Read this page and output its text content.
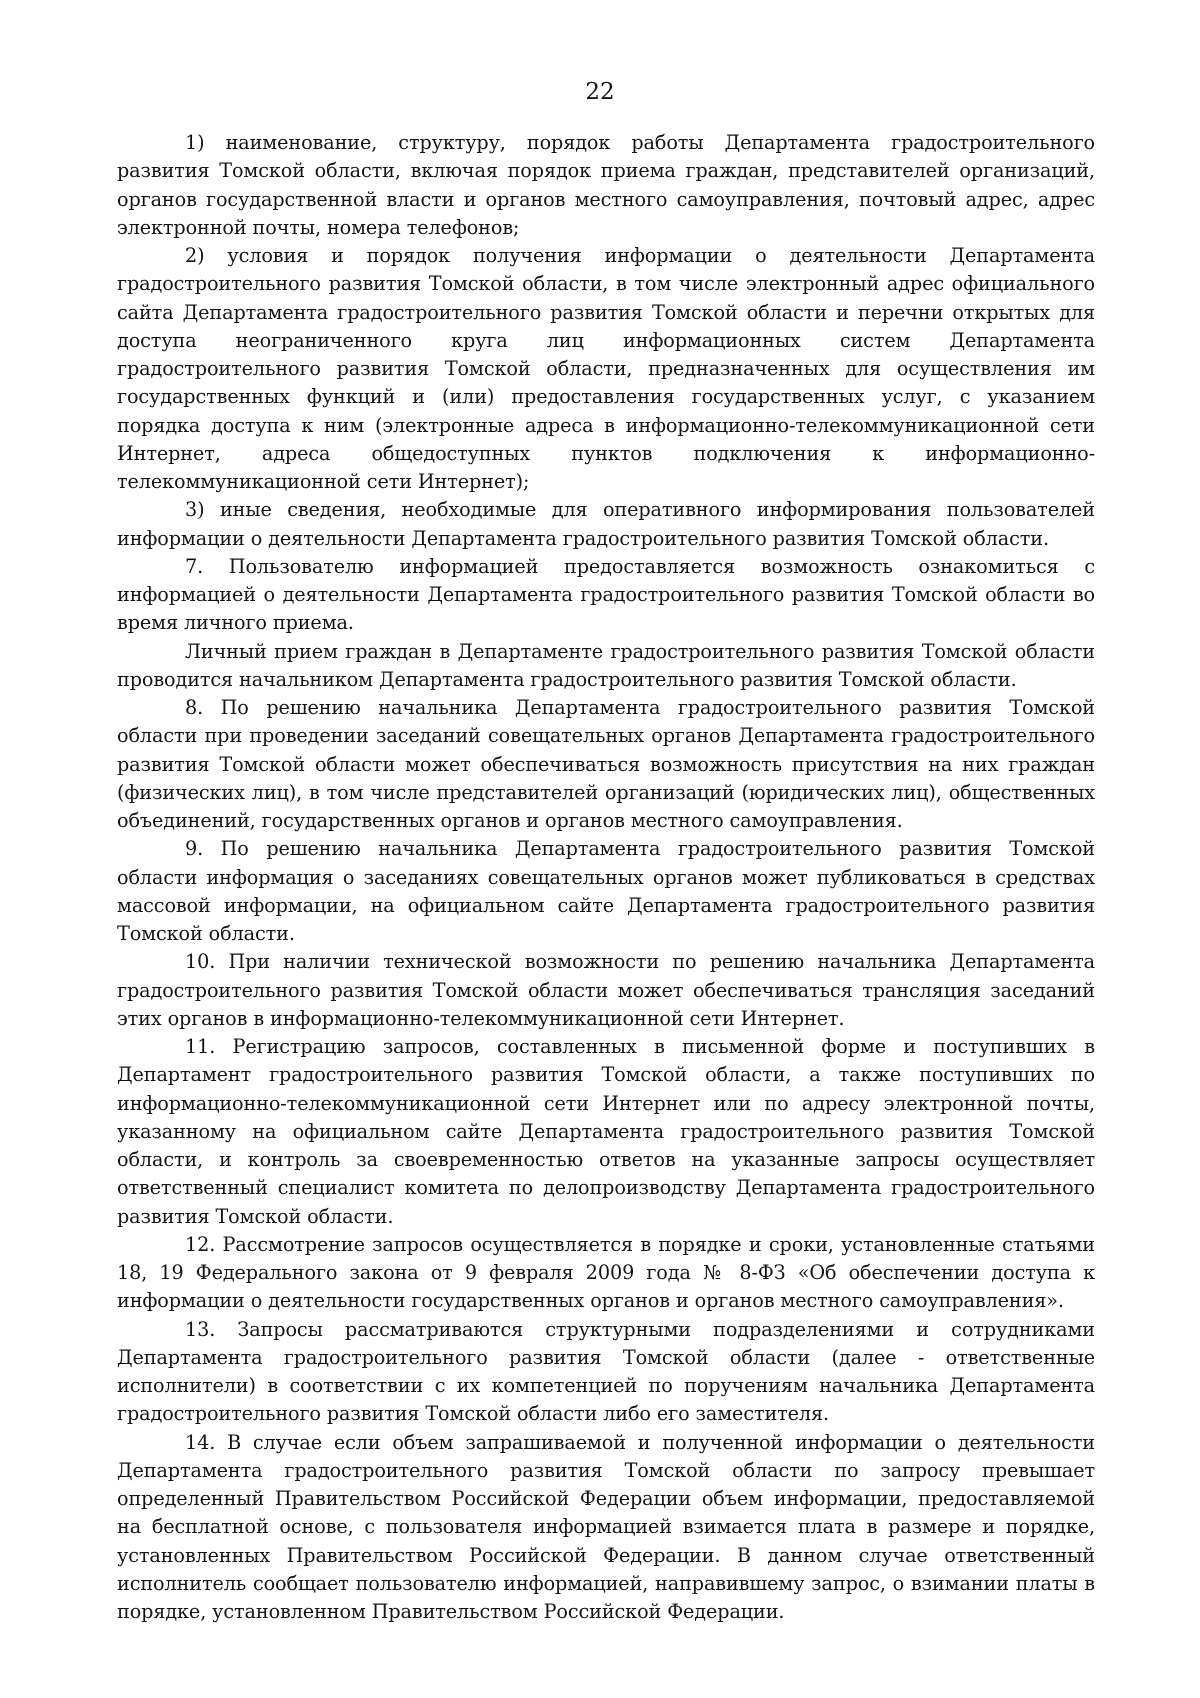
22

1) наименование, структуру, порядок работы Департамента градостроительного развития Томской области, включая порядок приема граждан, представителей организаций, органов государственной власти и органов местного самоуправления, почтовый адрес, адрес электронной почты, номера телефонов;

2) условия и порядок получения информации о деятельности Департамента градостроительного развития Томской области, в том числе электронный адрес официального сайта Департамента градостроительного развития Томской области и перечни открытых для доступа неограниченного круга лиц информационных систем Департамента градостроительного развития Томской области, предназначенных для осуществления им государственных функций и (или) предоставления государственных услуг, с указанием порядка доступа к ним (электронные адреса в информационно-телекоммуникационной сети Интернет, адреса общедоступных пунктов подключения к информационно-телекоммуникационной сети Интернет);

3) иные сведения, необходимые для оперативного информирования пользователей информации о деятельности Департамента градостроительного развития Томской области.

7. Пользователю информацией предоставляется возможность ознакомиться с информацией о деятельности Департамента градостроительного развития Томской области во время личного приема.

Личный прием граждан в Департаменте градостроительного развития Томской области проводится начальником Департамента градостроительного развития Томской области.

8. По решению начальника Департамента градостроительного развития Томской области при проведении заседаний совещательных органов Департамента градостроительного развития Томской области может обеспечиваться возможность присутствия на них граждан (физических лиц), в том числе представителей организаций (юридических лиц), общественных объединений, государственных органов и органов местного самоуправления.

9. По решению начальника Департамента градостроительного развития Томской области информация о заседаниях совещательных органов может публиковаться в средствах массовой информации, на официальном сайте Департамента градостроительного развития Томской области.

10. При наличии технической возможности по решению начальника Департамента градостроительного развития Томской области может обеспечиваться трансляция заседаний этих органов в информационно-телекоммуникационной сети Интернет.

11. Регистрацию запросов, составленных в письменной форме и поступивших в Департамент градостроительного развития Томской области, а также поступивших по информационно-телекоммуникационной сети Интернет или по адресу электронной почты, указанному на официальном сайте Департамента градостроительного развития Томской области, и контроль за своевременностью ответов на указанные запросы осуществляет ответственный специалист комитета по делопроизводству Департамента градостроительного развития Томской области.

12. Рассмотрение запросов осуществляется в порядке и сроки, установленные статьями 18, 19 Федерального закона от 9 февраля 2009 года № 8-ФЗ «Об обеспечении доступа к информации о деятельности государственных органов и органов местного самоуправления».

13. Запросы рассматриваются структурными подразделениями и сотрудниками Департамента градостроительного развития Томской области (далее - ответственные исполнители) в соответствии с их компетенцией по поручениям начальника Департамента градостроительного развития Томской области либо его заместителя.

14. В случае если объем запрашиваемой и полученной информации о деятельности Департамента градостроительного развития Томской области по запросу превышает определенный Правительством Российской Федерации объем информации, предоставляемой на бесплатной основе, с пользователя информацией взимается плата в размере и порядке, установленных Правительством Российской Федерации. В данном случае ответственный исполнитель сообщает пользователю информацией, направившему запрос, о взимании платы в порядке, установленном Правительством Российской Федерации.
